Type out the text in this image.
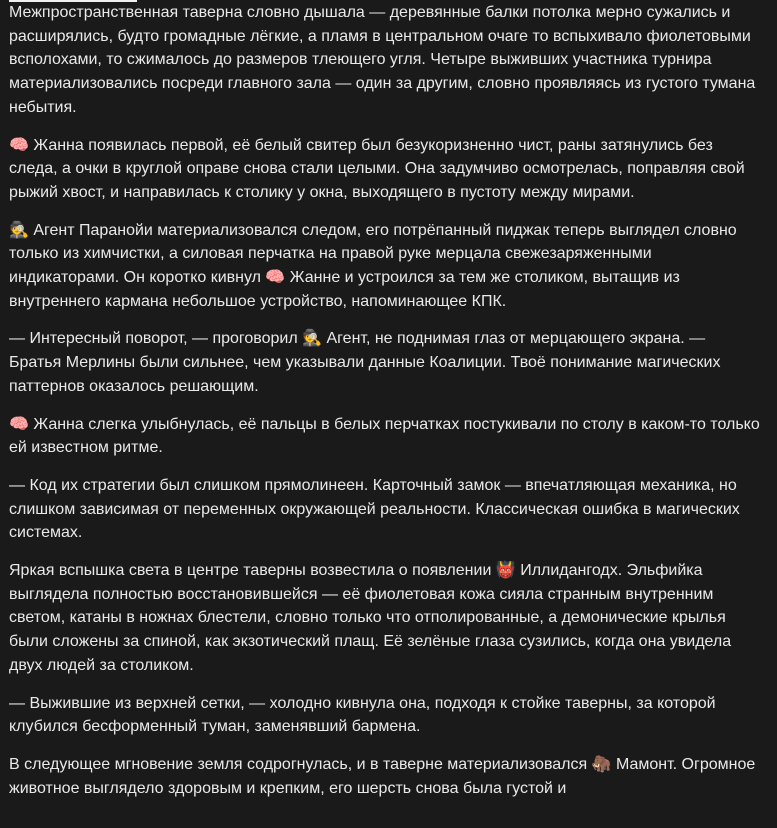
Межпространственная таверна словно дышала — деревянные балки потолка мерно сужались и расширялись, будто громадные лёгкие, а пламя в центральном очаге то вспыхивало фиолетовыми всполохами, то сжималось до размеров тлеющего угля. Четыре выживших участника турнира материализовались посреди главного зала — один за другим, словно проявляясь из густого тумана небытия.

🧠 Жанна появилась первой, её белый свитер был безукоризненно чист, раны затянулись без следа, а очки в круглой оправе снова стали целыми. Она задумчиво осмотрелась, поправляя свой рыжий хвост, и направилась к столику у окна, выходящего в пустоту между мирами.

🕵️ Агент Паранойи материализовался следом, его потрёпанный пиджак теперь выглядел словно только из химчистки, а силовая перчатка на правой руке мерцала свежезаряженными индикаторами. Он коротко кивнул 🧠 Жанне и устроился за тем же столиком, вытащив из внутреннего кармана небольшое устройство, напоминающее КПК.

— Интересный поворот, — проговорил 🕵️ Агент, не поднимая глаз от мерцающего экрана. — Братья Мерлины были сильнее, чем указывали данные Коалиции. Твоё понимание магических паттернов оказалось решающим.

🧠 Жанна слегка улыбнулась, её пальцы в белых перчатках постукивали по столу в каком-то только ей известном ритме.

— Код их стратегии был слишком прямолинеен. Карточный замок — впечатляющая механика, но слишком зависимая от переменных окружающей реальности. Классическая ошибка в магических системах.

Яркая вспышка света в центре таверны возвестила о появлении 👹 Иллидангодх. Эльфийка выглядела полностью восстановившейся — её фиолетовая кожа сияла странным внутренним светом, катаны в ножнах блестели, словно только что отполированные, а демонические крылья были сложены за спиной, как экзотический плащ. Её зелёные глаза сузились, когда она увидела двух людей за столиком.

— Выжившие из верхней сетки, — холодно кивнула она, подходя к стойке таверны, за которой клубился бесформенный туман, заменявший бармена.

В следующее мгновение земля содрогнулась, и в таверне материализовался 🦣 Мамонт. Огромное животное выглядело здоровым и крепким, его шерсть снова была густой и
